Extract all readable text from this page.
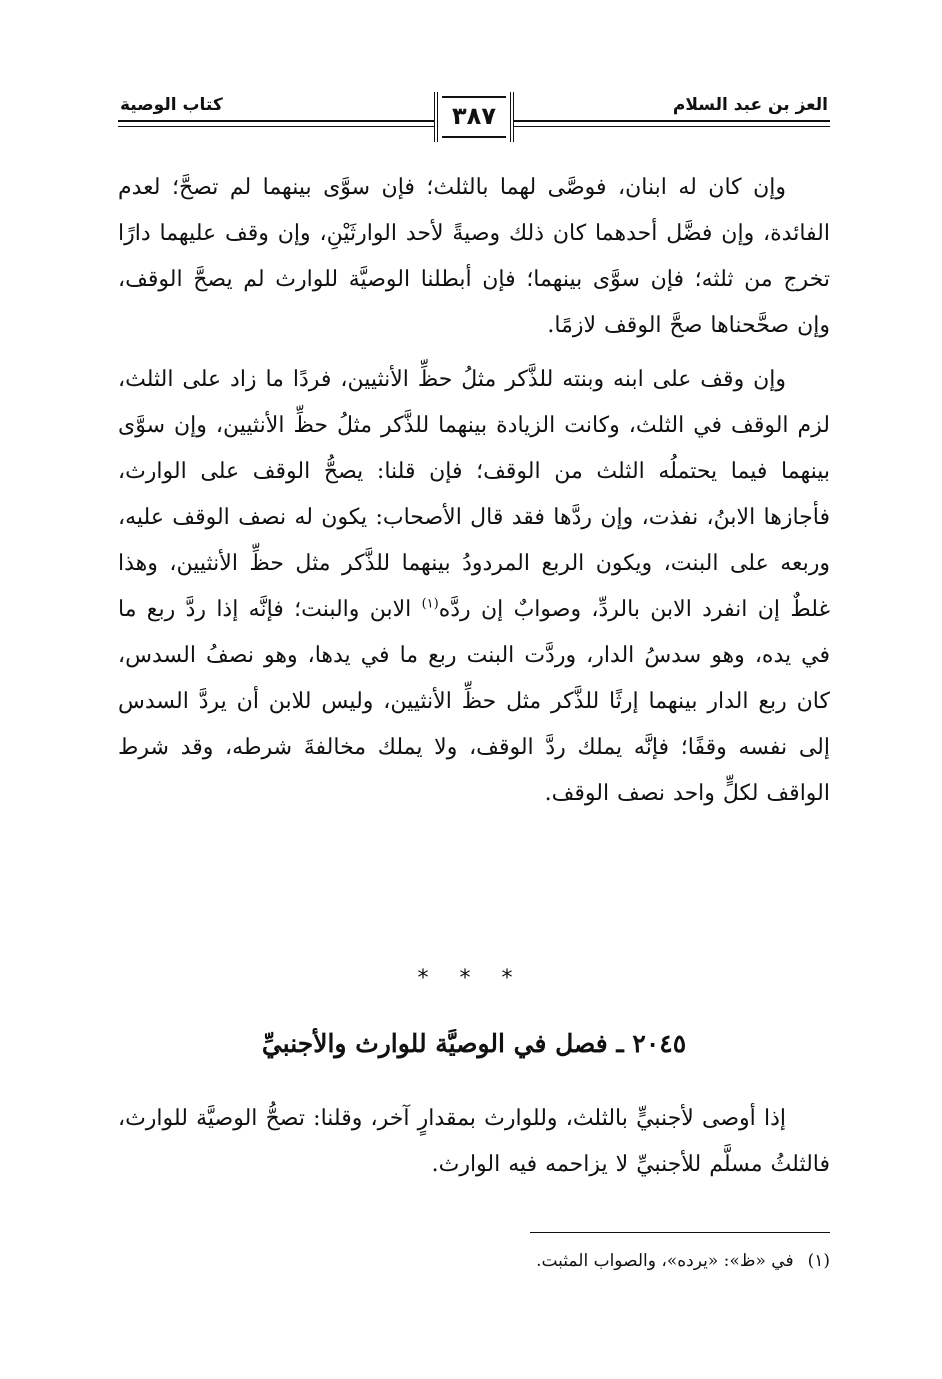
العز بن عبد السلام
كتاب الوصية	٣٨٧

وإن كان له ابنان، فوصَّى لهما بالثلث؛ فإن سوَّى بينهما لم تصحَّ؛ لعدم الفائدة، وإن فضَّل أحدهما كان ذلك وصيةً لأحد الوارثَيْنِ، وإن وقف عليهما دارًا تخرج من ثلثه؛ فإن سوَّى بينهما؛ فإن أبطلنا الوصيَّة للوارث لم يصحَّ الوقف، وإن صحَّحناها صحَّ الوقف لازمًا.

وإن وقف على ابنه وبنته للذَّكر مثلُ حظِّ الأنثيين، فردًا ما زاد على الثلث، لزم الوقف في الثلث، وكانت الزيادة بينهما للذَّكر مثلُ حظِّ الأنثيين، وإن سوَّى بينهما فيما يحتملُه الثلث من الوقف؛ فإن قلنا: يصحُّ الوقف على الوارث، فأجازها الابنُ، نفذت، وإن ردَّها فقد قال الأصحاب: يكون له نصف الوقف عليه، وربعه على البنت، ويكون الربع المردودُ بينهما للذَّكر مثل حظِّ الأنثيين، وهذا غلطٌ إن انفرد الابن بالردِّ، وصوابٌ إن ردَّه$^{(١)}$ الابن والبنت؛ فإنَّه إذا ردَّ ربع ما في يده، وهو سدسُ الدار، وردَّت البنت ربع ما في يدها، وهو نصفُ السدس، كان ربع الدار بينهما إرثًا للذَّكر مثل حظِّ الأنثيين، وليس للابن أن يردَّ السدس إلى نفسه وقفًا؛ فإنَّه يملك ردَّ الوقف، ولا يملك مخالفةَ شرطه، وقد شرط الواقف لكلٍّ واحد نصف الوقف.

* * *
٢٠٤٥ ـ فصل في الوصيَّة للوارث والأجنبيِّ

إذا أوصى لأجنبيٍّ بالثلث، وللوارث بمقدارٍ آخر، وقلنا: تصحُّ الوصيَّة للوارث، فالثلثُ مسلَّم للأجنبيِّ لا يزاحمه فيه الوارث.

(١)في «ظ»: «يرده»، والصواب المثبت.
